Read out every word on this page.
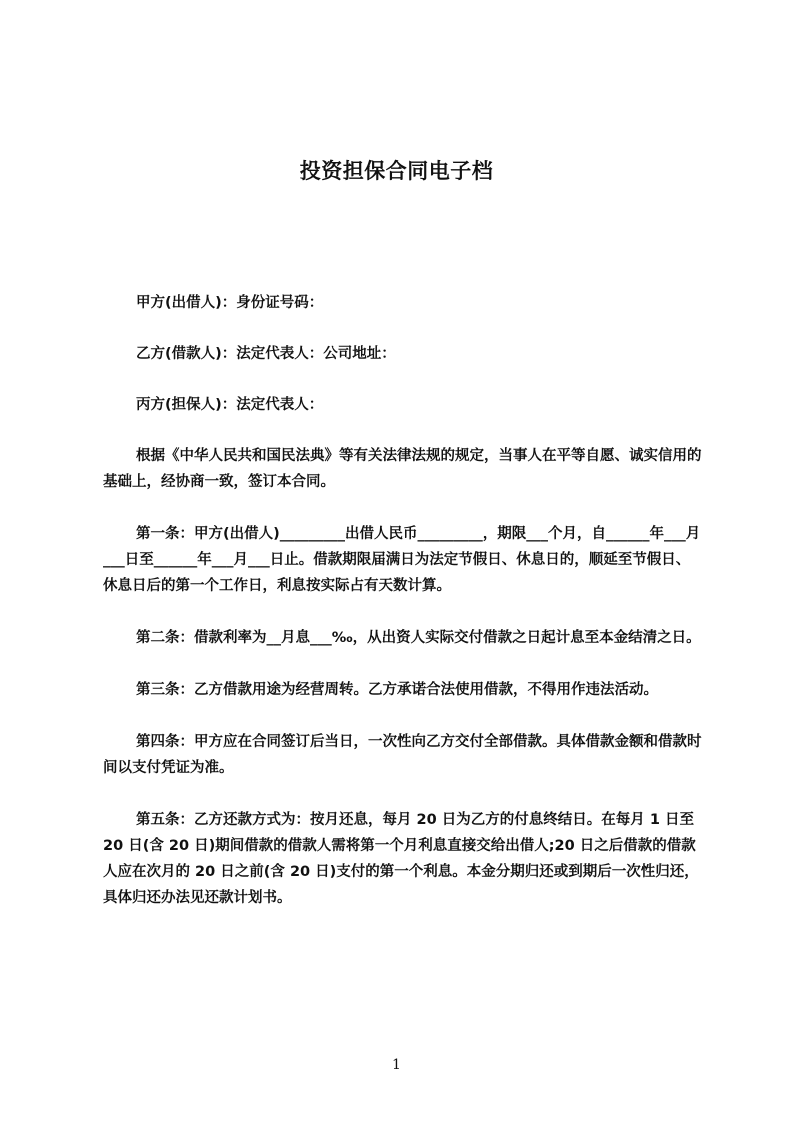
投资担保合同电子档

甲方(出借人)：身份证号码：

乙方(借款人)：法定代表人：公司地址：

丙方(担保人)：法定代表人：

根据《中华人民共和国民法典》等有关法律法规的规定，当事人在平等自愿、诚实信用的基础上，经协商一致，签订本合同。

第一条：甲方(出借人)_________出借人民币_________，期限___个月，自______年___月___日至______年___月___日止。借款期限届满日为法定节假日、休息日的，顺延至节假日、休息日后的第一个工作日，利息按实际占有天数计算。

第二条：借款利率为__月息___‰，从出资人实际交付借款之日起计息至本金结清之日。

第三条：乙方借款用途为经营周转。乙方承诺合法使用借款，不得用作违法活动。

第四条：甲方应在合同签订后当日，一次性向乙方交付全部借款。具体借款金额和借款时间以支付凭证为准。

第五条：乙方还款方式为：按月还息，每月 20 日为乙方的付息终结日。在每月 1 日至 20 日(含 20 日)期间借款的借款人需将第一个月利息直接交给出借人;20 日之后借款的借款人应在次月的 20 日之前(含 20 日)支付的第一个利息。本金分期归还或到期后一次性归还，具体归还办法见还款计划书。

1
